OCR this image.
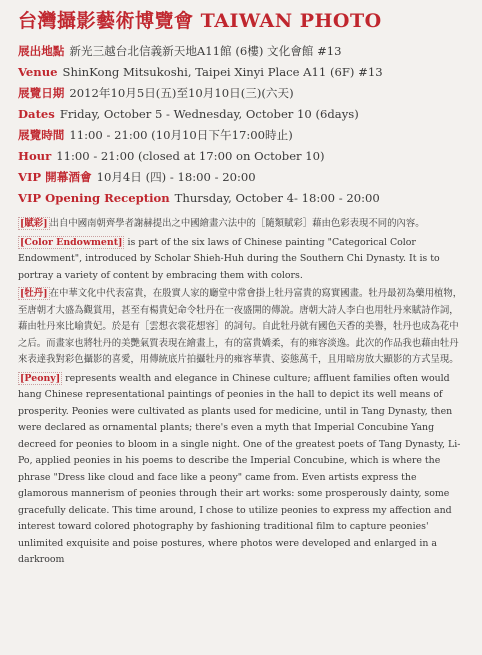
台灣攝影藝術博覽會 TAIWAN PHOTO
展出地點 新光三越台北信義新天地A11館 (6樓) 文化會館 #13
Venue ShinKong Mitsukoshi, Taipei Xinyi Place A11 (6F) #13
展覽日期 2012年10月5日(五)至10月10日(三)(六天)
Dates Friday, October 5 - Wednesday, October 10 (6days)
展覽時間 11:00 - 21:00 (10月10日下午17:00時止)
Hour 11:00 - 21:00 (closed at 17:00 on October 10)
VIP 開幕酒會 10月4日 (四) - 18:00 - 20:00
VIP Opening Reception Thursday, October 4- 18:00 - 20:00

[賦彩] 出自中國南朝齊學者謝赫提出之中國繪畫六法中的［隨類賦彩］藉由色彩表現不同的內容。

[Color Endowment] is part of the six laws of Chinese painting "Categorical Color Endowment", introduced by Scholar Shieh-Huh during the Southern Chi Dynasty. It is to portray a variety of content by embracing them with colors.

[牡丹] 在中華文化中代表富貴，在殷實人家的廳堂中常會掛上牡丹富貴的寫實國畫。牡丹最初為藥用植物，至唐朝才大盛為觀賞用，甚至有楊貴妃命令牡丹在一夜盛開的傳說。唐朝大詩人李白也用牡丹來賦詩作詞，藉由牡丹來比喻貴妃。於是有［雲想衣裳花想容］的詞句。自此牡丹就有國色天香的美譽，牡丹也成為花中之后。而畫家也將牡丹的美艷氣質表現在繪畫上，有的富貴嬌柔，有的雍容淡逸。此次的作品我也藉由牡丹來表達我對彩色攝影的喜愛，用傳統底片拍攝牡丹的雍容華貴、姿態萬千，且用暗房放大顯影的方式呈現。

[Peony] represents wealth and elegance in Chinese culture; affluent families often would hang Chinese representational paintings of peonies in the hall to depict its well means of prosperity. Peonies were cultivated as plants used for medicine, until in Tang Dynasty, then were declared as ornamental plants; there's even a myth that Imperial Concubine Yang decreed for peonies to bloom in a single night. One of the greatest poets of Tang Dynasty, Li-Po, applied peonies in his poems to describe the Imperial Concubine, which is where the phrase "Dress like cloud and face like a peony" came from. Even artists express the glamorous mannerism of peonies through their art works: some prosperously dainty, some gracefully delicate. This time around, I chose to utilize peonies to express my affection and interest toward colored photography by fashioning traditional film to capture peonies' unlimited exquisite and poise postures, where photos were developed and enlarged in a darkroom
